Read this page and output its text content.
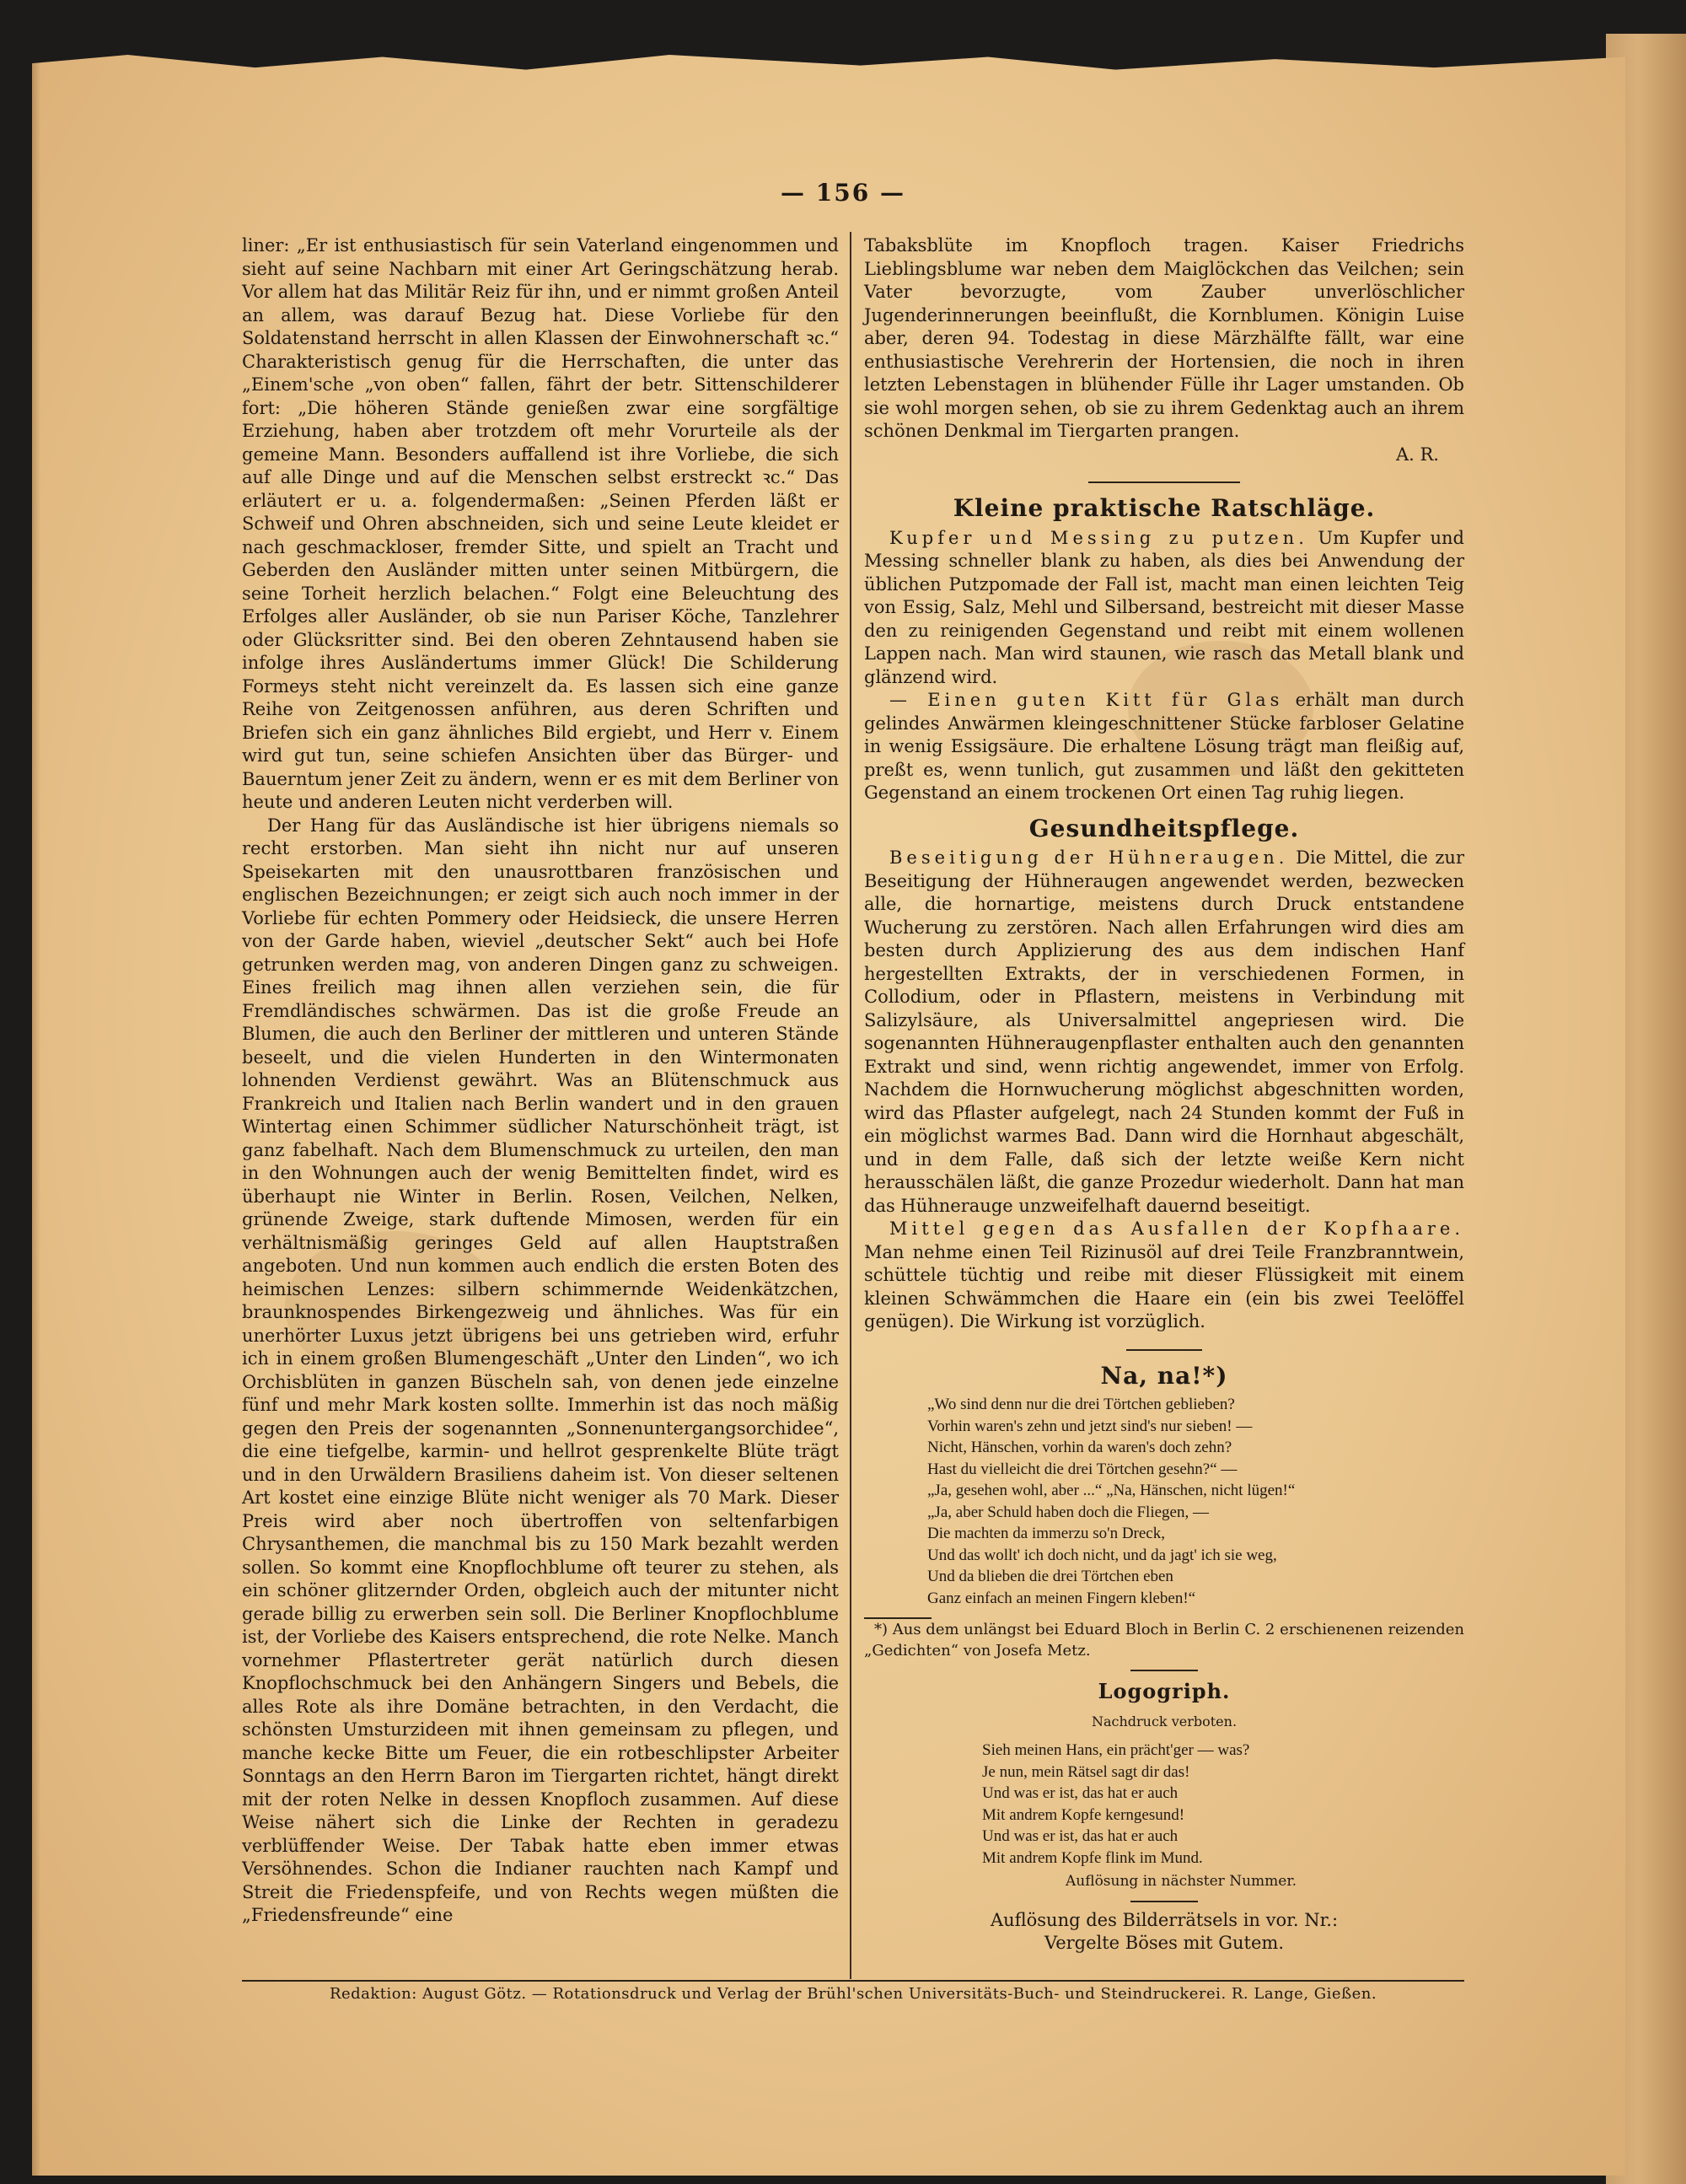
— 156 —

liner: „Er ist enthusiastisch für sein Vaterland eingenommen und sieht auf seine Nachbarn mit einer Art Geringschätzung herab. Vor allem hat das Militär Reiz für ihn, und er nimmt großen Anteil an allem, was darauf Bezug hat. Diese Vorliebe für den Soldatenstand herrscht in allen Klassen der Einwohnerschaft ꝛc.“ Charakteristisch genug für die Herrschaften, die unter das „Einem'sche „von oben“ fallen, fährt der betr. Sittenschilderer fort: „Die höheren Stände genießen zwar eine sorgfältige Erziehung, haben aber trotzdem oft mehr Vorurteile als der gemeine Mann. Besonders auffallend ist ihre Vorliebe, die sich auf alle Dinge und auf die Menschen selbst erstreckt ꝛc.“ Das erläutert er u. a. folgendermaßen: „Seinen Pferden läßt er Schweif und Ohren abschneiden, sich und seine Leute kleidet er nach geschmackloser, fremder Sitte, und spielt an Tracht und Geberden den Ausländer mitten unter seinen Mitbürgern, die seine Torheit herzlich belachen.“ Folgt eine Beleuchtung des Erfolges aller Ausländer, ob sie nun Pariser Köche, Tanzlehrer oder Glücksritter sind. Bei den oberen Zehntausend haben sie infolge ihres Ausländertums immer Glück! Die Schilderung Formeys steht nicht vereinzelt da. Es lassen sich eine ganze Reihe von Zeitgenossen anführen, aus deren Schriften und Briefen sich ein ganz ähnliches Bild ergiebt, und Herr v. Einem wird gut tun, seine schiefen Ansichten über das Bürger- und Bauerntum jener Zeit zu ändern, wenn er es mit dem Berliner von heute und anderen Leuten nicht verderben will.

Der Hang für das Ausländische ist hier übrigens niemals so recht erstorben. Man sieht ihn nicht nur auf unseren Speisekarten mit den unausrottbaren französischen und englischen Bezeichnungen; er zeigt sich auch noch immer in der Vorliebe für echten Pommery oder Heidsieck, die unsere Herren von der Garde haben, wieviel „deutscher Sekt“ auch bei Hofe getrunken werden mag, von anderen Dingen ganz zu schweigen. Eines freilich mag ihnen allen verziehen sein, die für Fremdländisches schwärmen. Das ist die große Freude an Blumen, die auch den Berliner der mittleren und unteren Stände beseelt, und die vielen Hunderten in den Wintermonaten lohnenden Verdienst gewährt. Was an Blütenschmuck aus Frankreich und Italien nach Berlin wandert und in den grauen Wintertag einen Schimmer südlicher Naturschönheit trägt, ist ganz fabelhaft. Nach dem Blumenschmuck zu urteilen, den man in den Wohnungen auch der wenig Bemittelten findet, wird es überhaupt nie Winter in Berlin. Rosen, Veilchen, Nelken, grünende Zweige, stark duftende Mimosen, werden für ein verhältnismäßig geringes Geld auf allen Hauptstraßen angeboten. Und nun kommen auch endlich die ersten Boten des heimischen Lenzes: silbern schimmernde Weidenkätzchen, braunknospendes Birkengezweig und ähnliches. Was für ein unerhörter Luxus jetzt übrigens bei uns getrieben wird, erfuhr ich in einem großen Blumengeschäft „Unter den Linden“, wo ich Orchisblüten in ganzen Büscheln sah, von denen jede einzelne fünf und mehr Mark kosten sollte. Immerhin ist das noch mäßig gegen den Preis der sogenannten „Sonnenuntergangsorchidee“, die eine tiefgelbe, karmin- und hellrot gesprenkelte Blüte trägt und in den Urwäldern Brasiliens daheim ist. Von dieser seltenen Art kostet eine einzige Blüte nicht weniger als 70 Mark. Dieser Preis wird aber noch übertroffen von seltenfarbigen Chrysanthemen, die manchmal bis zu 150 Mark bezahlt werden sollen. So kommt eine Knopflochblume oft teurer zu stehen, als ein schöner glitzernder Orden, obgleich auch der mitunter nicht gerade billig zu erwerben sein soll. Die Berliner Knopflochblume ist, der Vorliebe des Kaisers entsprechend, die rote Nelke. Manch vornehmer Pflastertreter gerät natürlich durch diesen Knopflochschmuck bei den Anhängern Singers und Bebels, die alles Rote als ihre Domäne betrachten, in den Verdacht, die schönsten Umsturzideen mit ihnen gemeinsam zu pflegen, und manche kecke Bitte um Feuer, die ein rotbeschlipster Arbeiter Sonntags an den Herrn Baron im Tiergarten richtet, hängt direkt mit der roten Nelke in dessen Knopfloch zusammen. Auf diese Weise nähert sich die Linke der Rechten in geradezu verblüffender Weise. Der Tabak hatte eben immer etwas Versöhnendes. Schon die Indianer rauchten nach Kampf und Streit die Friedenspfeife, und von Rechts wegen müßten die „Friedensfreunde“ eine

Tabaksblüte im Knopfloch tragen. Kaiser Friedrichs Lieblingsblume war neben dem Maiglöckchen das Veilchen; sein Vater bevorzugte, vom Zauber unverlöschlicher Jugenderinnerungen beeinflußt, die Kornblumen. Königin Luise aber, deren 94. Todestag in diese Märzhälfte fällt, war eine enthusiastische Verehrerin der Hortensien, die noch in ihren letzten Lebenstagen in blühender Fülle ihr Lager umstanden. Ob sie wohl morgen sehen, ob sie zu ihrem Gedenktag auch an ihrem schönen Denkmal im Tiergarten prangen.

A. R.

Kleine praktische Ratschläge.

Kupfer und Messing zu putzen. Um Kupfer und Messing schneller blank zu haben, als dies bei Anwendung der üblichen Putzpomade der Fall ist, macht man einen leichten Teig von Essig, Salz, Mehl und Silbersand, bestreicht mit dieser Masse den zu reinigenden Gegenstand und reibt mit einem wollenen Lappen nach. Man wird staunen, wie rasch das Metall blank und glänzend wird.

— Einen guten Kitt für Glas erhält man durch gelindes Anwärmen kleingeschnittener Stücke farbloser Gelatine in wenig Essigsäure. Die erhaltene Lösung trägt man fleißig auf, preßt es, wenn tunlich, gut zusammen und läßt den gekitteten Gegenstand an einem trockenen Ort einen Tag ruhig liegen.

Gesundheitspflege.

Beseitigung der Hühneraugen. Die Mittel, die zur Beseitigung der Hühneraugen angewendet werden, bezwecken alle, die hornartige, meistens durch Druck entstandene Wucherung zu zerstören. Nach allen Erfahrungen wird dies am besten durch Applizierung des aus dem indischen Hanf hergestellten Extrakts, der in verschiedenen Formen, in Collodium, oder in Pflastern, meistens in Verbindung mit Salizylsäure, als Universalmittel angepriesen wird. Die sogenannten Hühneraugenpflaster enthalten auch den genannten Extrakt und sind, wenn richtig angewendet, immer von Erfolg. Nachdem die Hornwucherung möglichst abgeschnitten worden, wird das Pflaster aufgelegt, nach 24 Stunden kommt der Fuß in ein möglichst warmes Bad. Dann wird die Hornhaut abgeschält, und in dem Falle, daß sich der letzte weiße Kern nicht herausschälen läßt, die ganze Prozedur wiederholt. Dann hat man das Hühnerauge unzweifelhaft dauernd beseitigt.

Mittel gegen das Ausfallen der Kopfhaare. Man nehme einen Teil Rizinusöl auf drei Teile Franzbranntwein, schüttele tüchtig und reibe mit dieser Flüssigkeit mit einem kleinen Schwämmchen die Haare ein (ein bis zwei Teelöffel genügen). Die Wirkung ist vorzüglich.

Na, na!*)
„Wo sind denn nur die drei Törtchen geblieben?
Vorhin waren's zehn und jetzt sind's nur sieben! —
Nicht, Hänschen, vorhin da waren's doch zehn?
Hast du vielleicht die drei Törtchen gesehn?“ —
„Ja, gesehen wohl, aber ...“ „Na, Hänschen, nicht lügen!“
„Ja, aber Schuld haben doch die Fliegen, —
Die machten da immerzu so'n Dreck,
Und das wollt' ich doch nicht, und da jagt' ich sie weg,
Und da blieben die drei Törtchen eben
Ganz einfach an meinen Fingern kleben!“

*) Aus dem unlängst bei Eduard Bloch in Berlin C. 2 erschienenen reizenden „Gedichten“ von Josefa Metz.

Logogriph.
Nachdruck verboten.
Sieh meinen Hans, ein prächt'ger — was?
Je nun, mein Rätsel sagt dir das!
Und was er ist, das hat er auch
Mit andrem Kopfe kerngesund!
Und was er ist, das hat er auch
Mit andrem Kopfe flink im Mund.
Auflösung in nächster Nummer.
Auflösung des Bilderrätsels in vor. Nr.:
Vergelte Böses mit Gutem.
Redaktion: August Götz. — Rotationsdruck und Verlag der Brühl'schen Universitäts-Buch- und Steindruckerei. R. Lange, Gießen.
